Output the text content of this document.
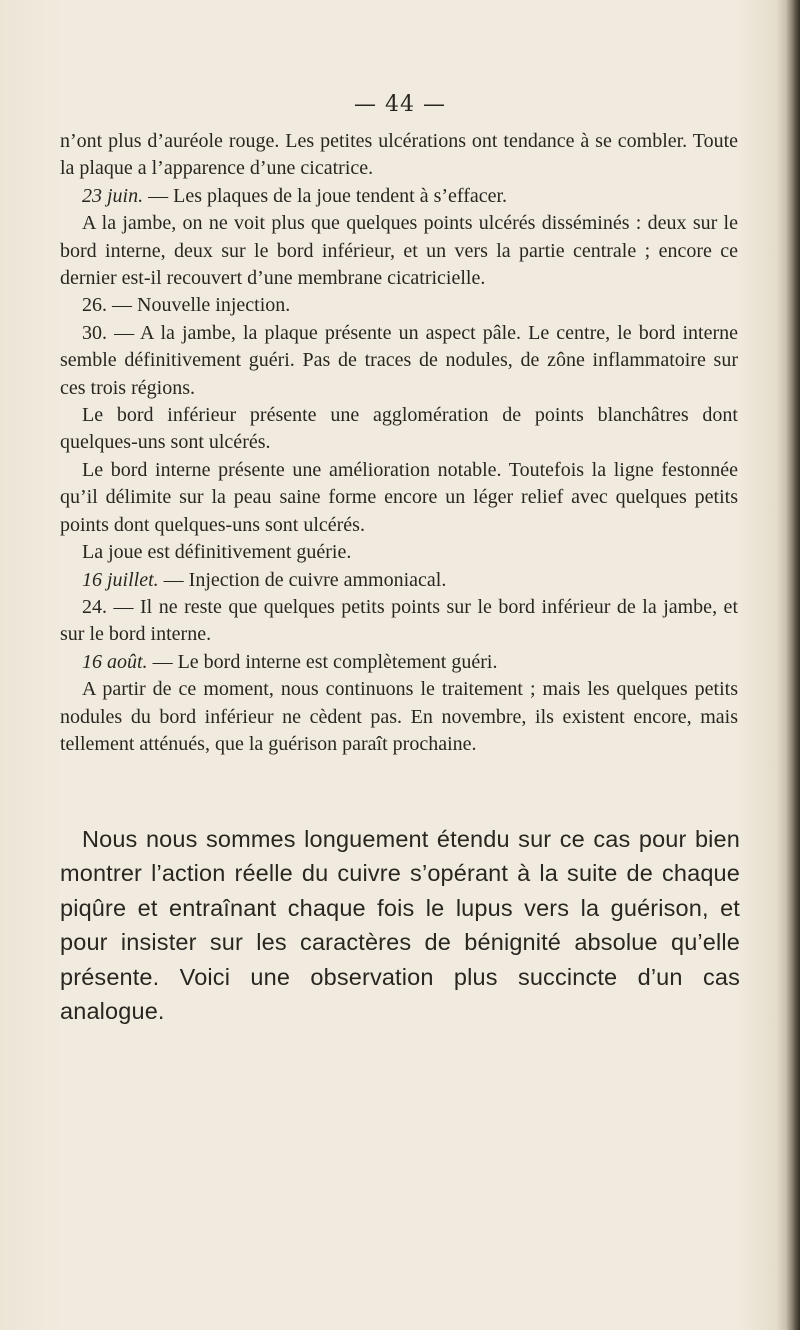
— 44 —

n’ont plus d’auréole rouge. Les petites ulcérations ont tendance à se combler. Toute la plaque a l’apparence d’une cicatrice.

23 juin. — Les plaques de la joue tendent à s’effacer.

A la jambe, on ne voit plus que quelques points ulcérés disséminés : deux sur le bord interne, deux sur le bord inférieur, et un vers la partie centrale ; encore ce dernier est-il recouvert d’une membrane cicatricielle.

26. — Nouvelle injection.

30. — A la jambe, la plaque présente un aspect pâle. Le centre, le bord interne semble définitivement guéri. Pas de traces de nodules, de zône inflammatoire sur ces trois régions.

Le bord inférieur présente une agglomération de points blanchâtres dont quelques-uns sont ulcérés.

Le bord interne présente une amélioration notable. Toutefois la ligne festonnée qu’il délimite sur la peau saine forme encore un léger relief avec quelques petits points dont quelques-uns sont ulcérés.

La joue est définitivement guérie.

16 juillet. — Injection de cuivre ammoniacal.

24. — Il ne reste que quelques petits points sur le bord inférieur de la jambe, et sur le bord interne.

16 août. — Le bord interne est complètement guéri.

A partir de ce moment, nous continuons le traitement ; mais les quelques petits nodules du bord inférieur ne cèdent pas. En novembre, ils existent encore, mais tellement atténués, que la guérison paraît prochaine.

Nous nous sommes longuement étendu sur ce cas pour bien montrer l’action réelle du cuivre s’opérant à la suite de chaque piqûre et entraînant chaque fois le lupus vers la guérison, et pour insister sur les caractères de bénignité absolue qu’elle présente. Voici une observation plus succincte d’un cas analogue.
